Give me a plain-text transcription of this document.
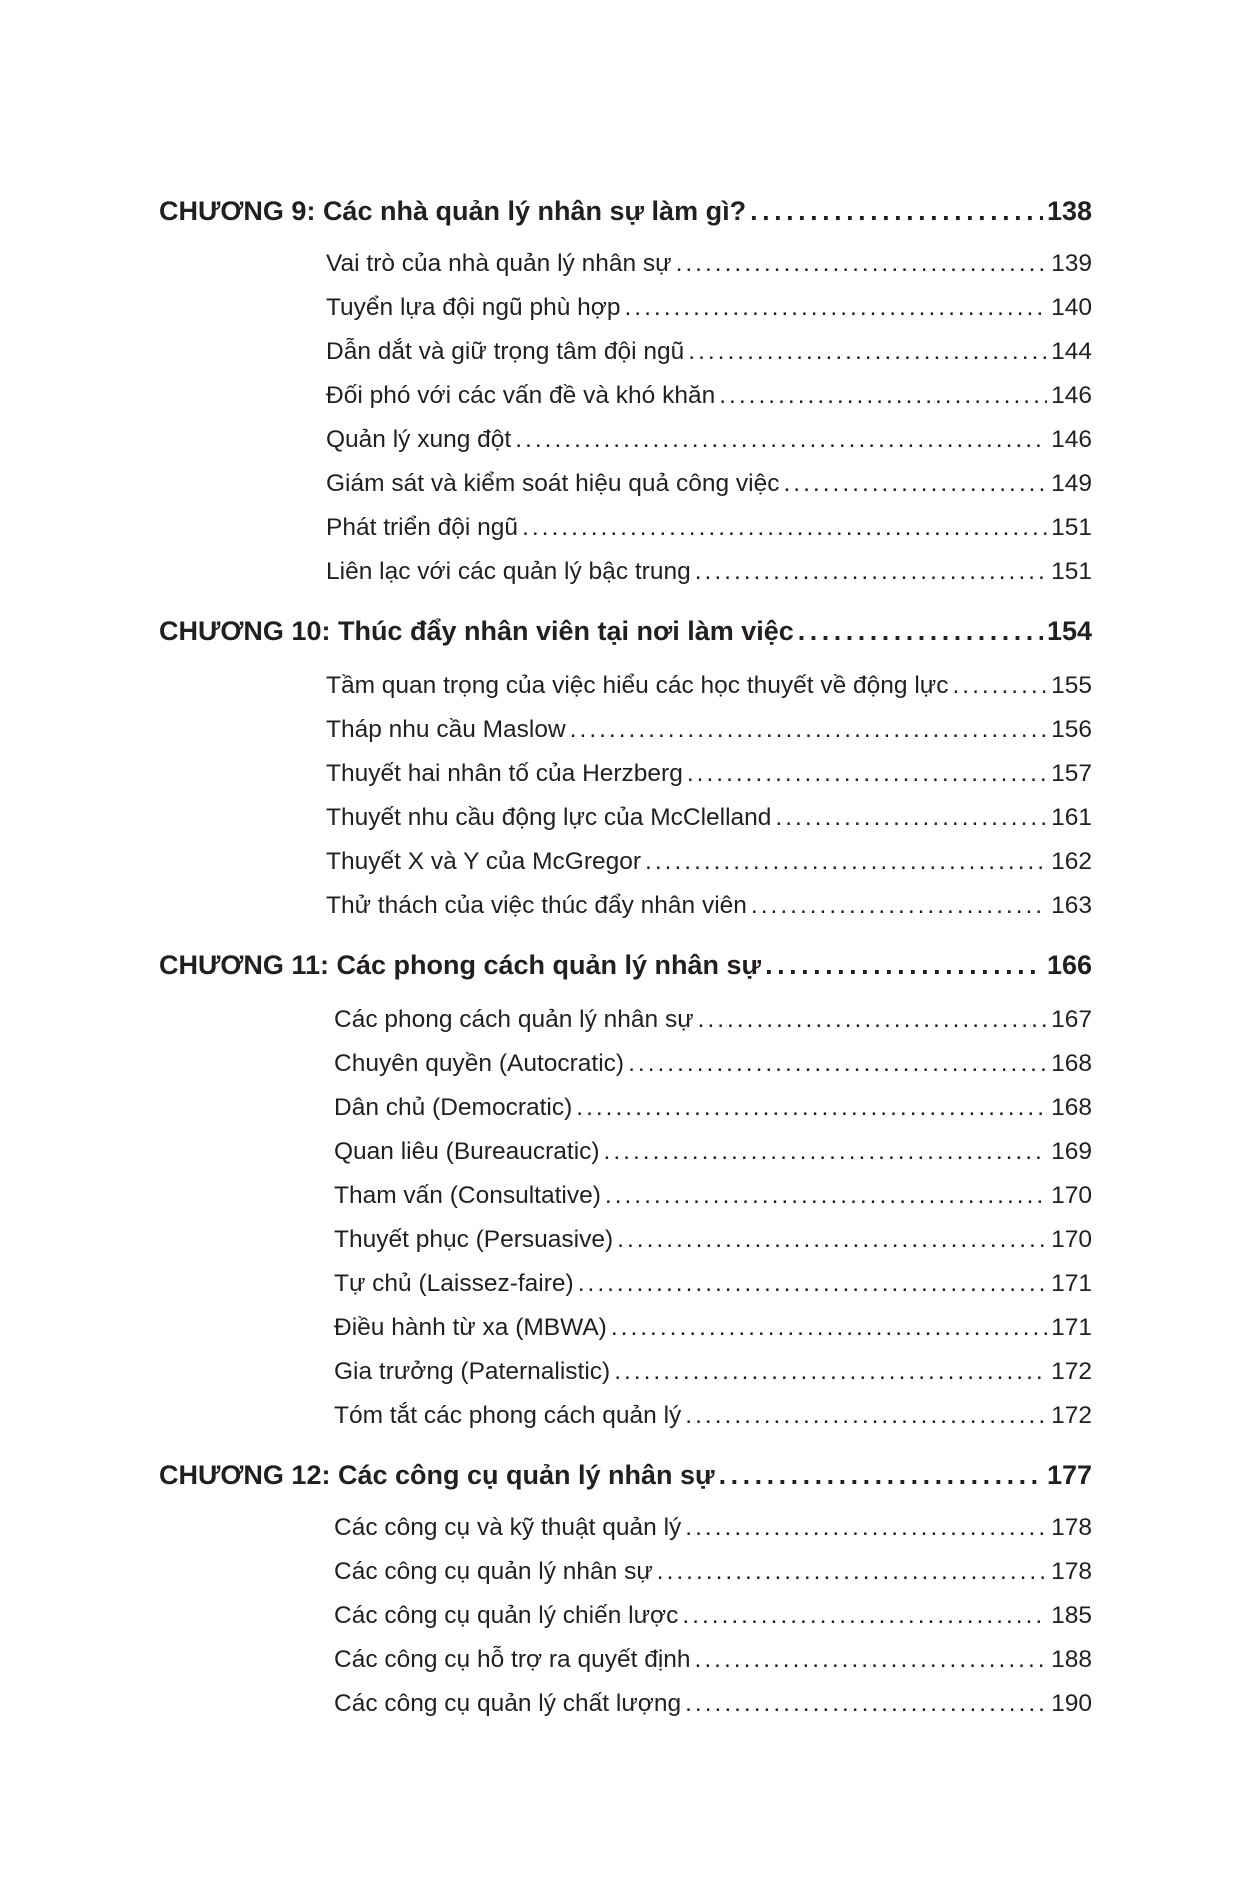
CHƯƠNG 9: Các nhà quản lý nhân sự làm gì? .....	138
Vai trò của nhà quản lý nhân sự .....	139
Tuyển lựa đội ngũ phù hợp .....	140
Dẫn dắt và giữ trọng tâm đội ngũ .....	144
Đối phó với các vấn đề và khó khăn .....	146
Quản lý xung đột .....	146
Giám sát và kiểm soát hiệu quả công việc .....	149
Phát triển đội ngũ .....	151
Liên lạc với các quản lý bậc trung .....	151
CHƯƠNG 10: Thúc đẩy nhân viên tại nơi làm việc .....	154
Tầm quan trọng của việc hiểu các học thuyết về động lực .....	155
Tháp nhu cầu Maslow .....	156
Thuyết hai nhân tố của Herzberg .....	157
Thuyết nhu cầu động lực của McClelland .....	161
Thuyết X và Y của McGregor .....	162
Thử thách của việc thúc đẩy nhân viên .....	163
CHƯƠNG 11: Các phong cách quản lý nhân sự .....	166
Các phong cách quản lý nhân sự .....	167
Chuyên quyền (Autocratic) .....	168
Dân chủ (Democratic) .....	168
Quan liêu (Bureaucratic) .....	169
Tham vấn (Consultative) .....	170
Thuyết phục (Persuasive) .....	170
Tự chủ (Laissez-faire) .....	171
Điều hành từ xa (MBWA) .....	171
Gia trưởng (Paternalistic) .....	172
Tóm tắt các phong cách quản lý .....	172
CHƯƠNG 12: Các công cụ quản lý nhân sự .....	177
Các công cụ và kỹ thuật quản lý .....	178
Các công cụ quản lý nhân sự .....	178
Các công cụ quản lý chiến lược .....	185
Các công cụ hỗ trợ ra quyết định .....	188
Các công cụ quản lý chất lượng .....	190
